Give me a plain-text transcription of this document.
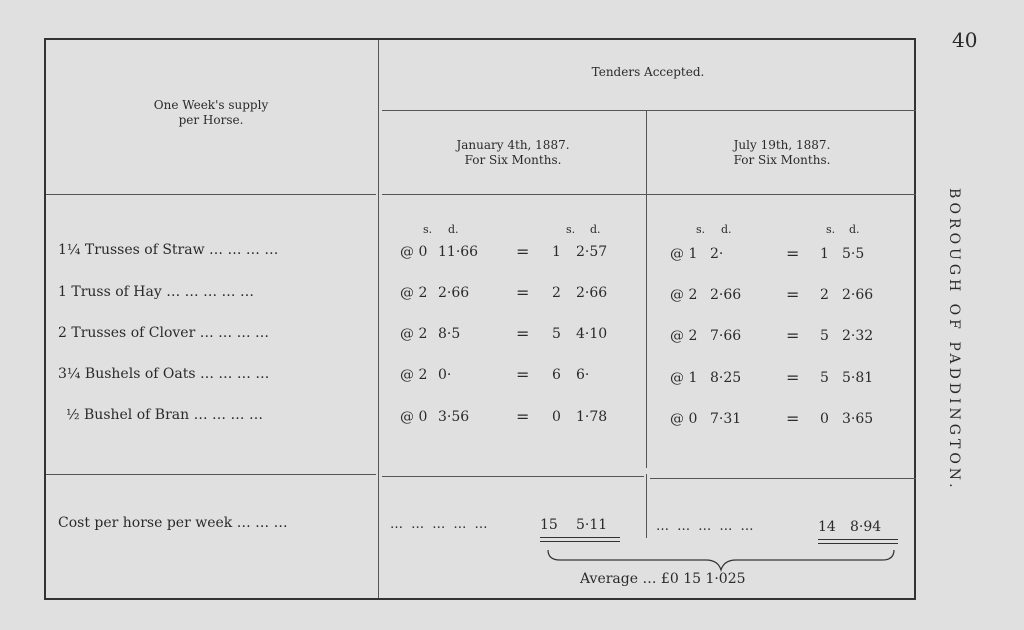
40
BOROUGH OF PADDINGTON.
One Week's supply
per Horse.
Tenders Accepted.
January 4th, 1887.
For Six Months.
July 19th, 1887.
For Six Months.
s. d.	s. d.	s. d.	s. d.
1¼ Trusses of Straw … … … …	@ 0 11·66 = 1 2·57	@ 1 2·	= 1 5·5
1 Truss of Hay … … … … …	@ 2 2·66	= 2 2·66	@ 2 2·66	= 2 2·66
2 Trusses of Clover … … … …	@ 2 8·5	= 5 4·10	@ 2 7·66	= 5 2·32
3¼ Bushels of Oats … … … …	@ 2 0·	= 6 6·	@ 1 8·25	= 5 5·81
½ Bushel of Bran … … … …	@ 0 3·56	= 0 1·78	@ 0 7·31	= 0 3·65
Cost per horse per week … … …	… … … … …	15 5·11	… … … … …	14 8·94
Average … £0 15 1·025
